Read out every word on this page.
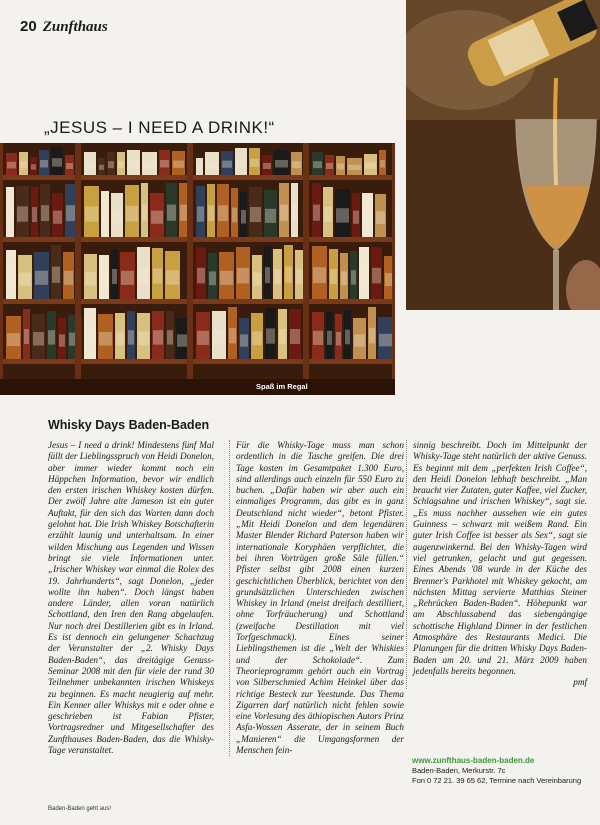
20 Zunfthaus
„JESUS – I NEED A DRINK!“
Spaß im Regal
Whisky Days Baden-Baden

Jesus – I need a drink! Mindestens fünf Mal fällt der Lieblingsspruch von Heidi Donelon, aber immer wieder kommt noch ein Häppchen Information, bevor wir endlich den ersten irischen Whiskey kosten dürfen. Der zwölf Jahre alte Jameson ist ein guter Auftakt, für den sich das Warten dann doch gelohnt hat. Die Irish Whiskey Botschafterin erzählt launig und unterhaltsam. In einer wilden Mischung aus Legenden und Wissen bringt sie viele Informationen unter. „Irischer Whiskey war einmal die Rolex des 19. Jahrhunderts“, sagt Donelon, „jeder wollte ihn haben“. Doch längst haben andere Länder, allen voran natürlich Schottland, den Iren den Rang abgelaufen. Nur noch drei Destillerien gibt es in Irland. Es ist dennoch ein gelungener Schachzug der Veranstalter der „2. Whisky Days Baden-Baden“, das dreitägige Genuss-Seminar 2008 mit den für viele der rund 30 Teilnehmer unbekannten irischen Whiskeys zu beginnen. Es macht neugierig auf mehr. Ein Kenner aller Whiskys mit e oder ohne e geschrieben ist Fabian Pfister, Vortragsredner und Mitgesellschafter des Zunfthauses Baden-Baden, das die Whisky-Tage veranstaltet.

Für die Whisky-Tage muss man schon ordentlich in die Tasche greifen. Die drei Tage kosten im Gesamtpaket 1.300 Euro, sind allerdings auch einzeln für 550 Euro zu buchen. „Dafür haben wir aber auch ein einmaliges Programm, das gibt es in ganz Deutschland nicht wieder“, betont Pfister. „Mit Heidi Donelon und dem legendären Master Blender Richard Paterson haben wir internationale Koryphäen verpflichtet, die bei ihren Vorträgen große Säle füllen.“ Pfister selbst gibt 2008 einen kurzen geschichtlichen Überblick, berichtet von den grundsätzlichen Unterschieden zwischen Whiskey in Irland (meist dreifach destilliert, ohne Torfräucherung) und Schottland (zweifache Destillation mit viel Torfgeschmack). Eines seiner Lieblingsthemen ist die „Welt der Whiskies und der Schokolade“. Zum Theorieprogramm gehört auch ein Vortrag von Silberschmied Achim Heinkel über das richtige Besteck zur Yeestunde. Das Thema Zigarren darf natürlich nicht fehlen sowie eine Vorlesung des äthiopischen Autors Prinz Asfa-Wossen Asserate, der in seinem Buch „Manieren“ die Umgangsformen der Menschen fein-

sinnig beschreibt. Doch im Mittelpunkt der Whisky-Tage steht natürlich der aktive Genuss. Es beginnt mit dem „perfekten Irish Coffee“, den Heidi Donelon lebhaft beschreibt. „Man braucht vier Zutaten, guter Kaffee, viel Zucker, Schlagsahne und irischen Whiskey“, sagt sie. „Es muss nachher aussehen wie ein gutes Guinness – schwarz mit weißem Rand. Ein guter Irish Coffee ist besser als Sex“, sagt sie augenzwinkernd. Bei den Whisky-Tagen wird viel getrunken, gelacht und gut gegessen. Eines Abends '08 wurde in der Küche des Brenner's Parkhotel mit Whiskey gekocht, am nächsten Mittag servierte Matthias Steiner „Rehrücken Baden-Baden“. Höhepunkt war am Abschlussabend das siebengängige schottische Highland Dinner in der festlichen Atmosphäre des Restaurants Medici. Die Planungen für die dritten Whisky Days Baden-Baden am 20. und 21. März 2009 haben jedenfalls bereits begonnen.

pmf

www.zunfthaus-baden-baden.de
Baden-Baden, Merkurstr. 7c
Fon 0 72 21. 39 65 62, Termine nach Vereinbarung
Baden-Baden geht aus!
